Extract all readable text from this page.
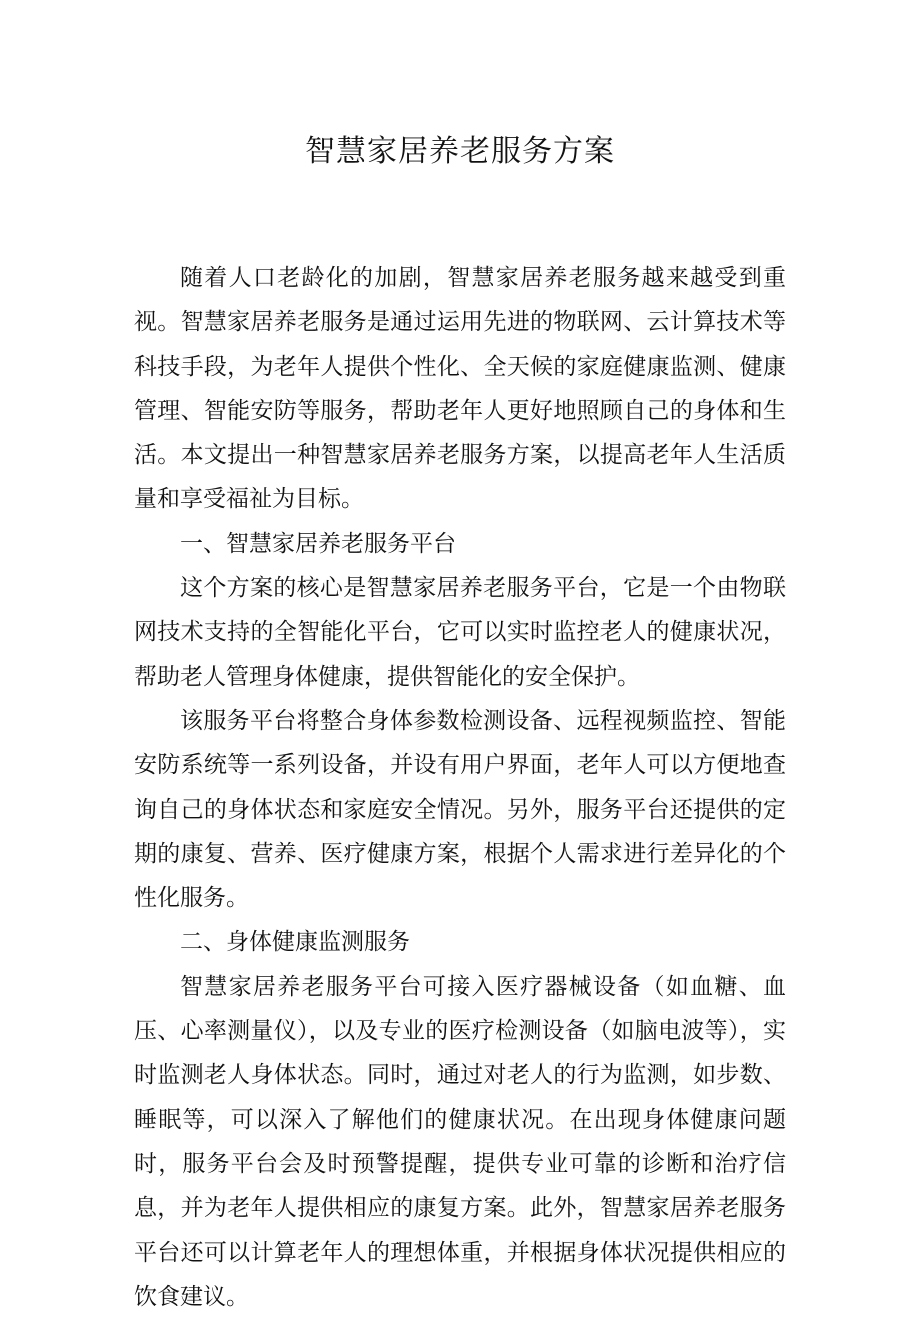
智慧家居养老服务方案

随着人口老龄化的加剧，智慧家居养老服务越来越受到重视。智慧家居养老服务是通过运用先进的物联网、云计算技术等科技手段，为老年人提供个性化、全天候的家庭健康监测、健康管理、智能安防等服务，帮助老年人更好地照顾自己的身体和生活。本文提出一种智慧家居养老服务方案，以提高老年人生活质量和享受福祉为目标。

一、智慧家居养老服务平台

这个方案的核心是智慧家居养老服务平台，它是一个由物联网技术支持的全智能化平台，它可以实时监控老人的健康状况，帮助老人管理身体健康，提供智能化的安全保护。

该服务平台将整合身体参数检测设备、远程视频监控、智能安防系统等一系列设备，并设有用户界面，老年人可以方便地查询自己的身体状态和家庭安全情况。另外，服务平台还提供的定期的康复、营养、医疗健康方案，根据个人需求进行差异化的个性化服务。

二、身体健康监测服务

智慧家居养老服务平台可接入医疗器械设备（如血糖、血压、心率测量仪），以及专业的医疗检测设备（如脑电波等），实时监测老人身体状态。同时，通过对老人的行为监测，如步数、睡眠等，可以深入了解他们的健康状况。在出现身体健康问题时，服务平台会及时预警提醒，提供专业可靠的诊断和治疗信息，并为老年人提供相应的康复方案。此外，智慧家居养老服务平台还可以计算老年人的理想体重，并根据身体状况提供相应的饮食建议。
